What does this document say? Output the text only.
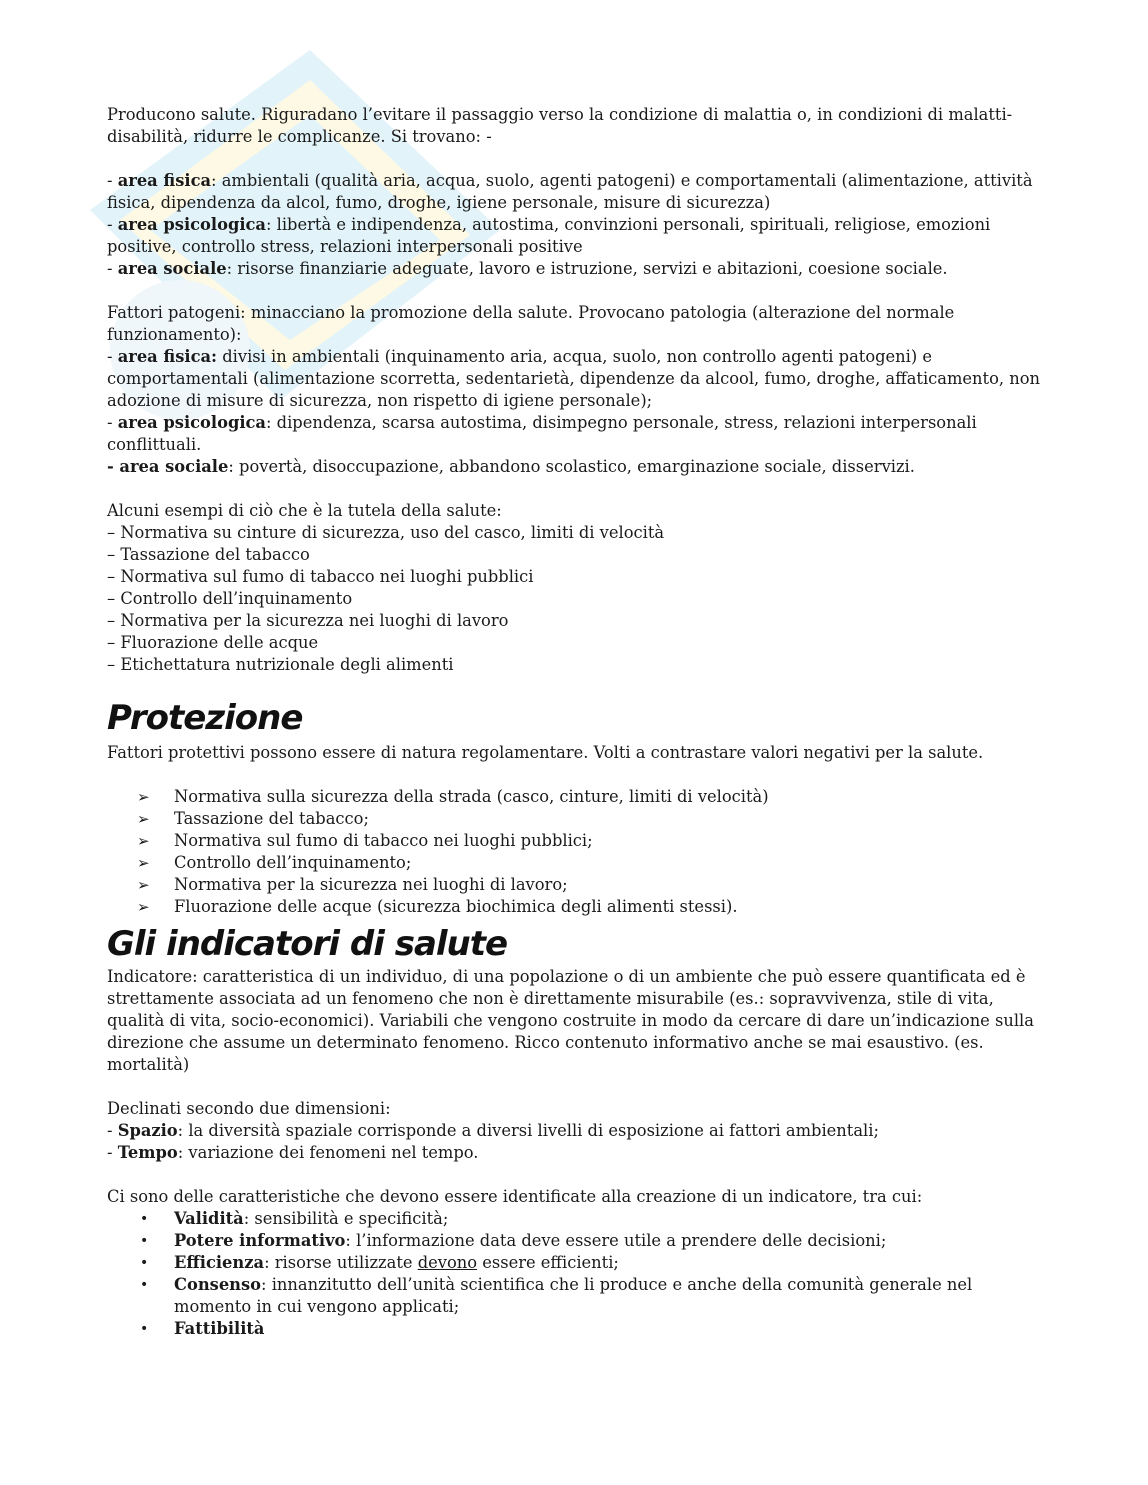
Producono salute. Riguradano l’evitare il passaggio verso la condizione di malattia o, in condizioni di malatti-disabilità, ridurre le complicanze. Si trovano: -

- area fisica: ambientali (qualità aria, acqua, suolo, agenti patogeni) e comportamentali (alimentazione, attività fisica, dipendenza da alcol, fumo, droghe, igiene personale, misure di sicurezza)

- area psicologica: libertà e indipendenza, autostima, convinzioni personali, spirituali, religiose, emozioni positive, controllo stress, relazioni interpersonali positive

- area sociale: risorse finanziarie adeguate, lavoro e istruzione, servizi e abitazioni, coesione sociale.

Fattori patogeni: minacciano la promozione della salute. Provocano patologia (alterazione del normale funzionamento):

- area fisica: divisi in ambientali (inquinamento aria, acqua, suolo, non controllo agenti patogeni) e comportamentali (alimentazione scorretta, sedentarietà, dipendenze da alcool, fumo, droghe, affaticamento, non adozione di misure di sicurezza, non rispetto di igiene personale);

- area psicologica: dipendenza, scarsa autostima, disimpegno personale, stress, relazioni interpersonali conflittuali.

- area sociale: povertà, disoccupazione, abbandono scolastico, emarginazione sociale, disservizi.

Alcuni esempi di ciò che è la tutela della salute:

– Normativa su cinture di sicurezza, uso del casco, limiti di velocità

– Tassazione del tabacco

– Normativa sul fumo di tabacco nei luoghi pubblici

– Controllo dell’inquinamento

– Normativa per la sicurezza nei luoghi di lavoro

– Fluorazione delle acque

– Etichettatura nutrizionale degli alimenti

Protezione

Fattori protettivi possono essere di natura regolamentare. Volti a contrastare valori negativi per la salute.

➢ Normativa sulla sicurezza della strada (casco, cinture, limiti di velocità)
➢ Tassazione del tabacco;
➢ Normativa sul fumo di tabacco nei luoghi pubblici;
➢ Controllo dell’inquinamento;
➢ Normativa per la sicurezza nei luoghi di lavoro;
➢ Fluorazione delle acque (sicurezza biochimica degli alimenti stessi).
Gli indicatori di salute

Indicatore: caratteristica di un individuo, di una popolazione o di un ambiente che può essere quantificata ed è strettamente associata ad un fenomeno che non è direttamente misurabile (es.: sopravvivenza, stile di vita, qualità di vita, socio-economici). Variabili che vengono costruite in modo da cercare di dare un’indicazione sulla direzione che assume un determinato fenomeno. Ricco contenuto informativo anche se mai esaustivo. (es. mortalità)

Declinati secondo due dimensioni:

- Spazio: la diversità spaziale corrisponde a diversi livelli di esposizione ai fattori ambientali;

- Tempo: variazione dei fenomeni nel tempo.

Ci sono delle caratteristiche che devono essere identificate alla creazione di un indicatore, tra cui:

• Validità: sensibilità e specificità;
• Potere informativo: l’informazione data deve essere utile a prendere delle decisioni;
• Efficienza: risorse utilizzate devono essere efficienti;
• Consenso: innanzitutto dell’unità scientifica che li produce e anche della comunità generale nel momento in cui vengono applicati;
• Fattibilità
